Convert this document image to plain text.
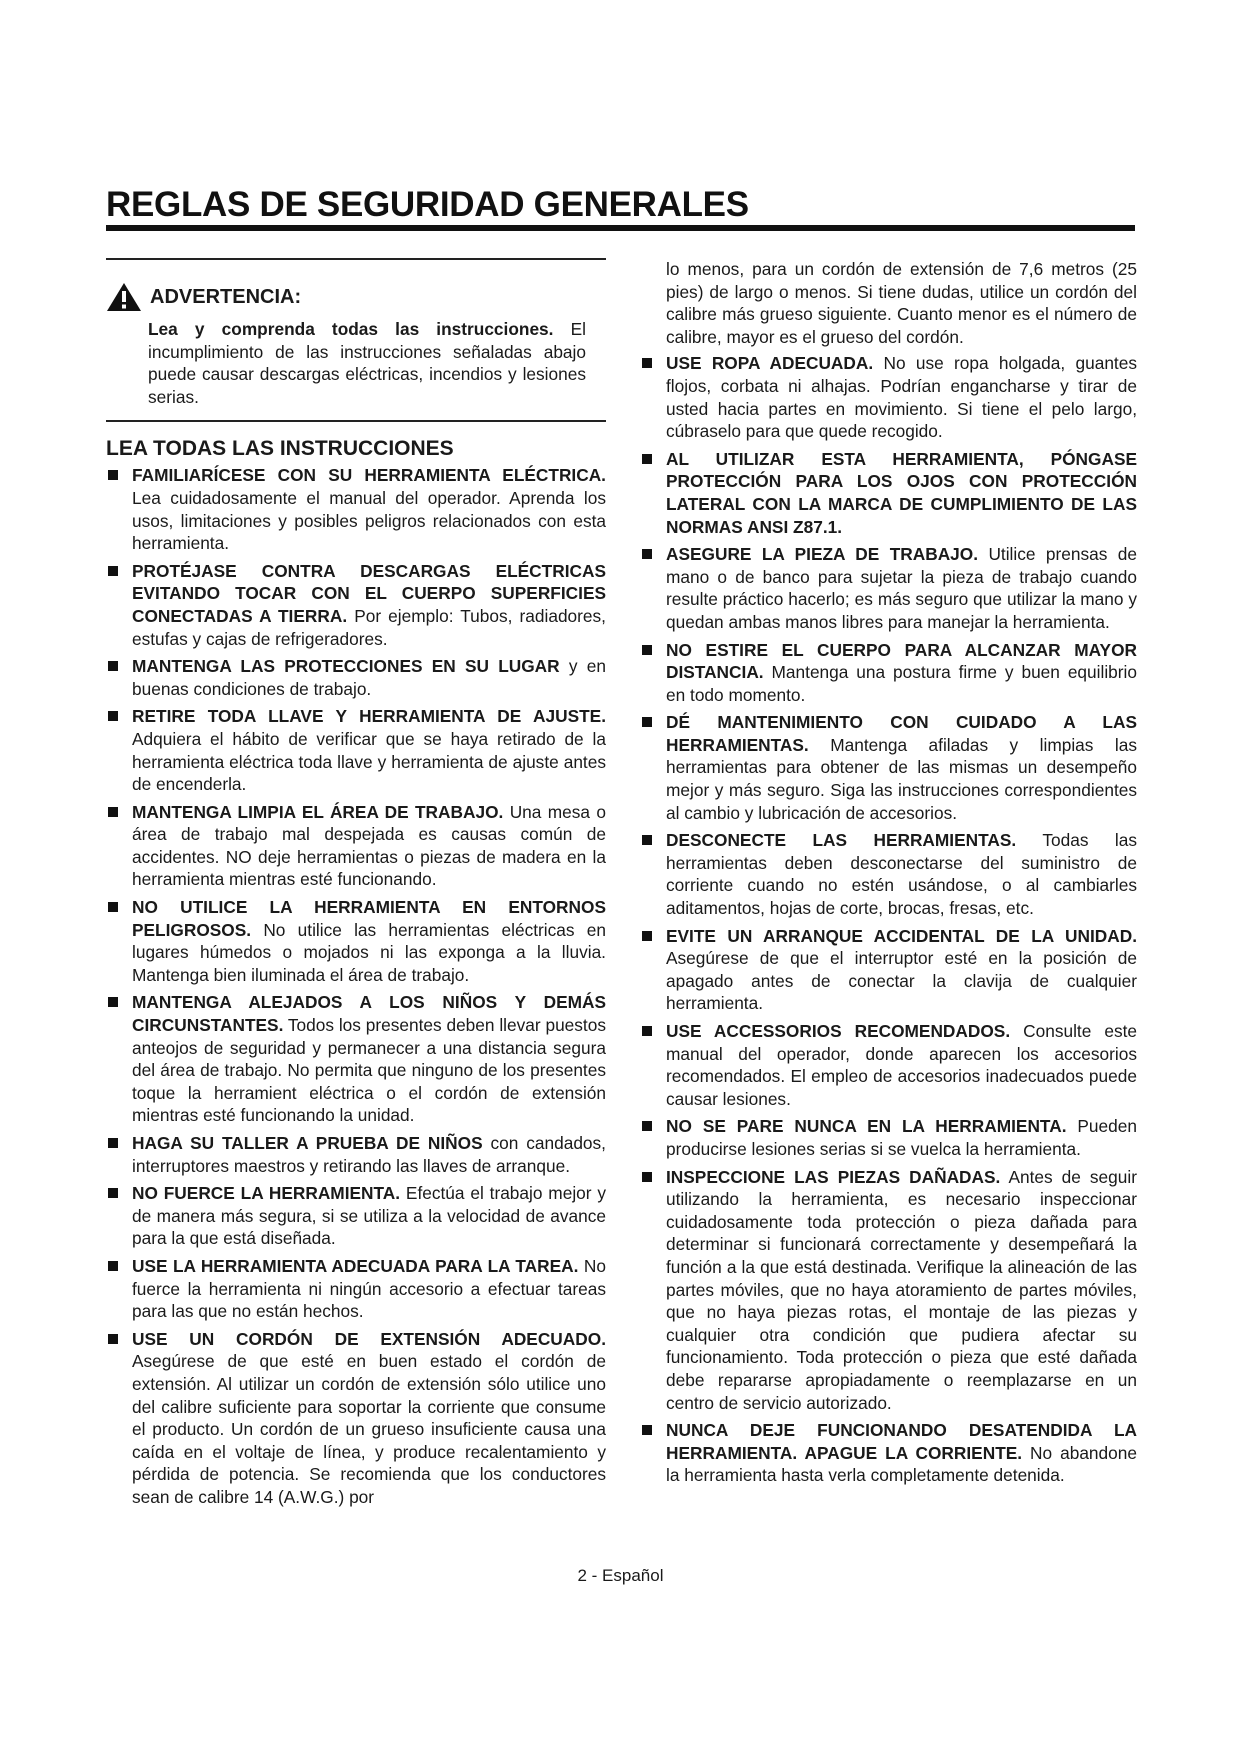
REGLAS DE SEGURIDAD GENERALES
ADVERTENCIA:
Lea y comprenda todas las instrucciones. El incumplimiento de las instrucciones señaladas abajo puede causar descargas eléctricas, incendios y lesiones serias.
LEA TODAS LAS INSTRUCCIONES
FAMILIARÍCESE CON SU HERRAMIENTA ELÉCTRICA. Lea cuidadosamente el manual del operador. Aprenda los usos, limitaciones y posibles peligros relacionados con esta herramienta.
PROTÉJASE CONTRA DESCARGAS ELÉCTRICAS EVITANDO TOCAR CON EL CUERPO SUPERFICIES CONECTADAS A TIERRA. Por ejemplo: Tubos, radiadores, estufas y cajas de refrigeradores.
MANTENGA LAS PROTECCIONES EN SU LUGAR y en buenas condiciones de trabajo.
RETIRE TODA LLAVE Y HERRAMIENTA DE AJUSTE. Adquiera el hábito de verificar que se haya retirado de la herramienta eléctrica toda llave y herramienta de ajuste antes de encenderla.
MANTENGA LIMPIA EL ÁREA DE TRABAJO. Una mesa o área de trabajo mal despejada es causas común de accidentes. NO deje herramientas o piezas de madera en la herramienta mientras esté funcionando.
NO UTILICE LA HERRAMIENTA EN ENTORNOS PELIGROSOS. No utilice las herramientas eléctricas en lugares húmedos o mojados ni las exponga a la lluvia. Mantenga bien iluminada el área de trabajo.
MANTENGA ALEJADOS A LOS NIÑOS Y DEMÁS CIRCUNSTANTES. Todos los presentes deben llevar puestos anteojos de seguridad y permanecer a una distancia segura del área de trabajo. No permita que ninguno de los presentes toque la herramient eléctrica o el cordón de extensión mientras esté funcionando la unidad.
HAGA SU TALLER A PRUEBA DE NIÑOS con candados, interruptores maestros y retirando las llaves de arranque.
NO FUERCE LA HERRAMIENTA. Efectúa el trabajo mejor y de manera más segura, si se utiliza a la velocidad de avance para la que está diseñada.
USE LA HERRAMIENTA ADECUADA PARA LA TAREA. No fuerce la herramienta ni ningún accesorio a efectuar tareas para las que no están hechos.
USE UN CORDÓN DE EXTENSIÓN ADECUADO. Asegúrese de que esté en buen estado el cordón de extensión. Al utilizar un cordón de extensión sólo utilice uno del calibre suficiente para soportar la corriente que consume el producto. Un cordón de un grueso insuficiente causa una caída en el voltaje de línea, y produce recalentamiento y pérdida de potencia. Se recomienda que los conductores sean de calibre 14 (A.W.G.) por
lo menos, para un cordón de extensión de 7,6 metros (25 pies) de largo o menos. Si tiene dudas, utilice un cordón del calibre más grueso siguiente. Cuanto menor es el número de calibre, mayor es el grueso del cordón.
USE ROPA ADECUADA. No use ropa holgada, guantes flojos, corbata ni alhajas. Podrían engancharse y tirar de usted hacia partes en movimiento. Si tiene el pelo largo, cúbraselo para que quede recogido.
AL UTILIZAR ESTA HERRAMIENTA, PÓNGASE PROTECCIÓN PARA LOS OJOS CON PROTECCIÓN LATERAL CON LA MARCA DE CUMPLIMIENTO DE LAS NORMAS ANSI Z87.1.
ASEGURE LA PIEZA DE TRABAJO. Utilice prensas de mano o de banco para sujetar la pieza de trabajo cuando resulte práctico hacerlo; es más seguro que utilizar la mano y quedan ambas manos libres para manejar la herramienta.
NO ESTIRE EL CUERPO PARA ALCANZAR MAYOR DISTANCIA. Mantenga una postura firme y buen equilibrio en todo momento.
DÉ MANTENIMIENTO CON CUIDADO A LAS HERRAMIENTAS. Mantenga afiladas y limpias las herramientas para obtener de las mismas un desempeño mejor y más seguro. Siga las instrucciones correspondientes al cambio y lubricación de accesorios.
DESCONECTE LAS HERRAMIENTAS. Todas las herramientas deben desconectarse del suministro de corriente cuando no estén usándose, o al cambiarles aditamentos, hojas de corte, brocas, fresas, etc.
EVITE UN ARRANQUE ACCIDENTAL DE LA UNIDAD. Asegúrese de que el interruptor esté en la posición de apagado antes de conectar la clavija de cualquier herramienta.
USE ACCESSORIOS RECOMENDADOS. Consulte este manual del operador, donde aparecen los accesorios recomendados. El empleo de accesorios inadecuados puede causar lesiones.
NO SE PARE NUNCA EN LA HERRAMIENTA. Pueden producirse lesiones serias si se vuelca la herramienta.
INSPECCIONE LAS PIEZAS DAÑADAS. Antes de seguir utilizando la herramienta, es necesario inspeccionar cuidadosamente toda protección o pieza dañada para determinar si funcionará correctamente y desempeñará la función a la que está destinada. Verifique la alineación de las partes móviles, que no haya atoramiento de partes móviles, que no haya piezas rotas, el montaje de las piezas y cualquier otra condición que pudiera afectar su funcionamiento. Toda protección o pieza que esté dañada debe repararse apropiadamente o reemplazarse en un centro de servicio autorizado.
NUNCA DEJE FUNCIONANDO DESATENDIDA LA HERRAMIENTA. APAGUE LA CORRIENTE. No abandone la herramienta hasta verla completamente detenida.
2 - Español
